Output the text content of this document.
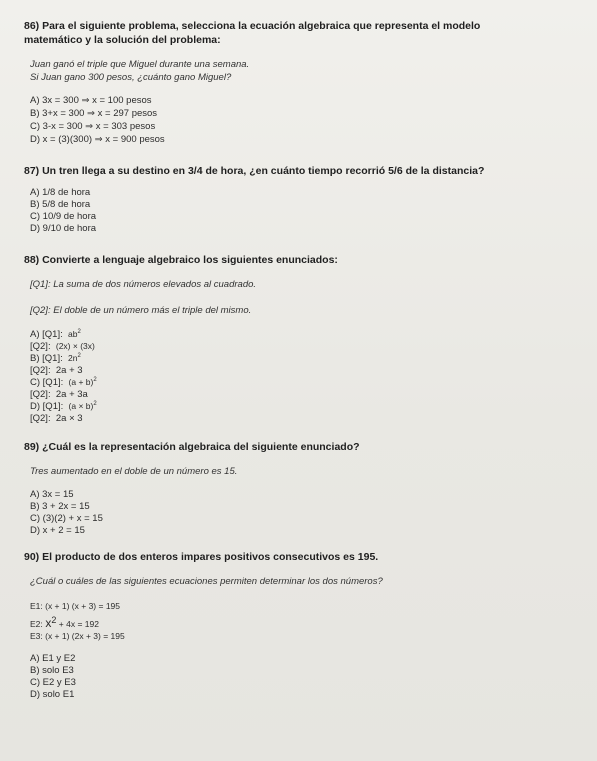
86) Para el siguiente problema, selecciona la ecuación algebraica que representa el modelo
matemático y la solución del problema:
Juan ganó el triple que Miguel durante una semana.
Si Juan gano 300 pesos, ¿cuánto gano Miguel?
A) 3x = 300 ⇒ x = 100 pesos
B) 3+x = 300 ⇒ x = 297 pesos
C) 3-x = 300 ⇒ x = 303 pesos
D) x = (3)(300) ⇒ x = 900 pesos
87) Un tren llega a su destino en 3/4 de hora, ¿en cuánto tiempo recorrió 5/6 de la distancia?
A) 1/8 de hora
B) 5/8 de hora
C) 10/9 de hora
D) 9/10 de hora
88) Convierte a lenguaje algebraico los siguientes enunciados:
[Q1]: La suma de dos números elevados al cuadrado.
[Q2]: El doble de un número más el triple del mismo.
A) [Q1]: $ab^2$
[Q2]: (2x) × (3x)
B) [Q1]: $2n^2$
[Q2]: 2a + 3
C) [Q1]: $(a + b)^2$
[Q2]: 2a + 3a
D) [Q1]: $(a \times b)^2$
[Q2]: 2a × 3
89) ¿Cuál es la representación algebraica del siguiente enunciado?
Tres aumentado en el doble de un número es 15.
A) 3x = 15
B) 3 + 2x = 15
C) (3)(2) + x = 15
D) x + 2 = 15
90) El producto de dos enteros impares positivos consecutivos es 195.
¿Cuál o cuáles de las siguientes ecuaciones permiten determinar los dos números?
E1: (x + 1) (x + 3) = 195
E2: $x^2 + 4x = 192$
E3: (x + 1) (2x + 3) = 195
A) E1 y E2
B) solo E3
C) E2 y E3
D) solo E1
